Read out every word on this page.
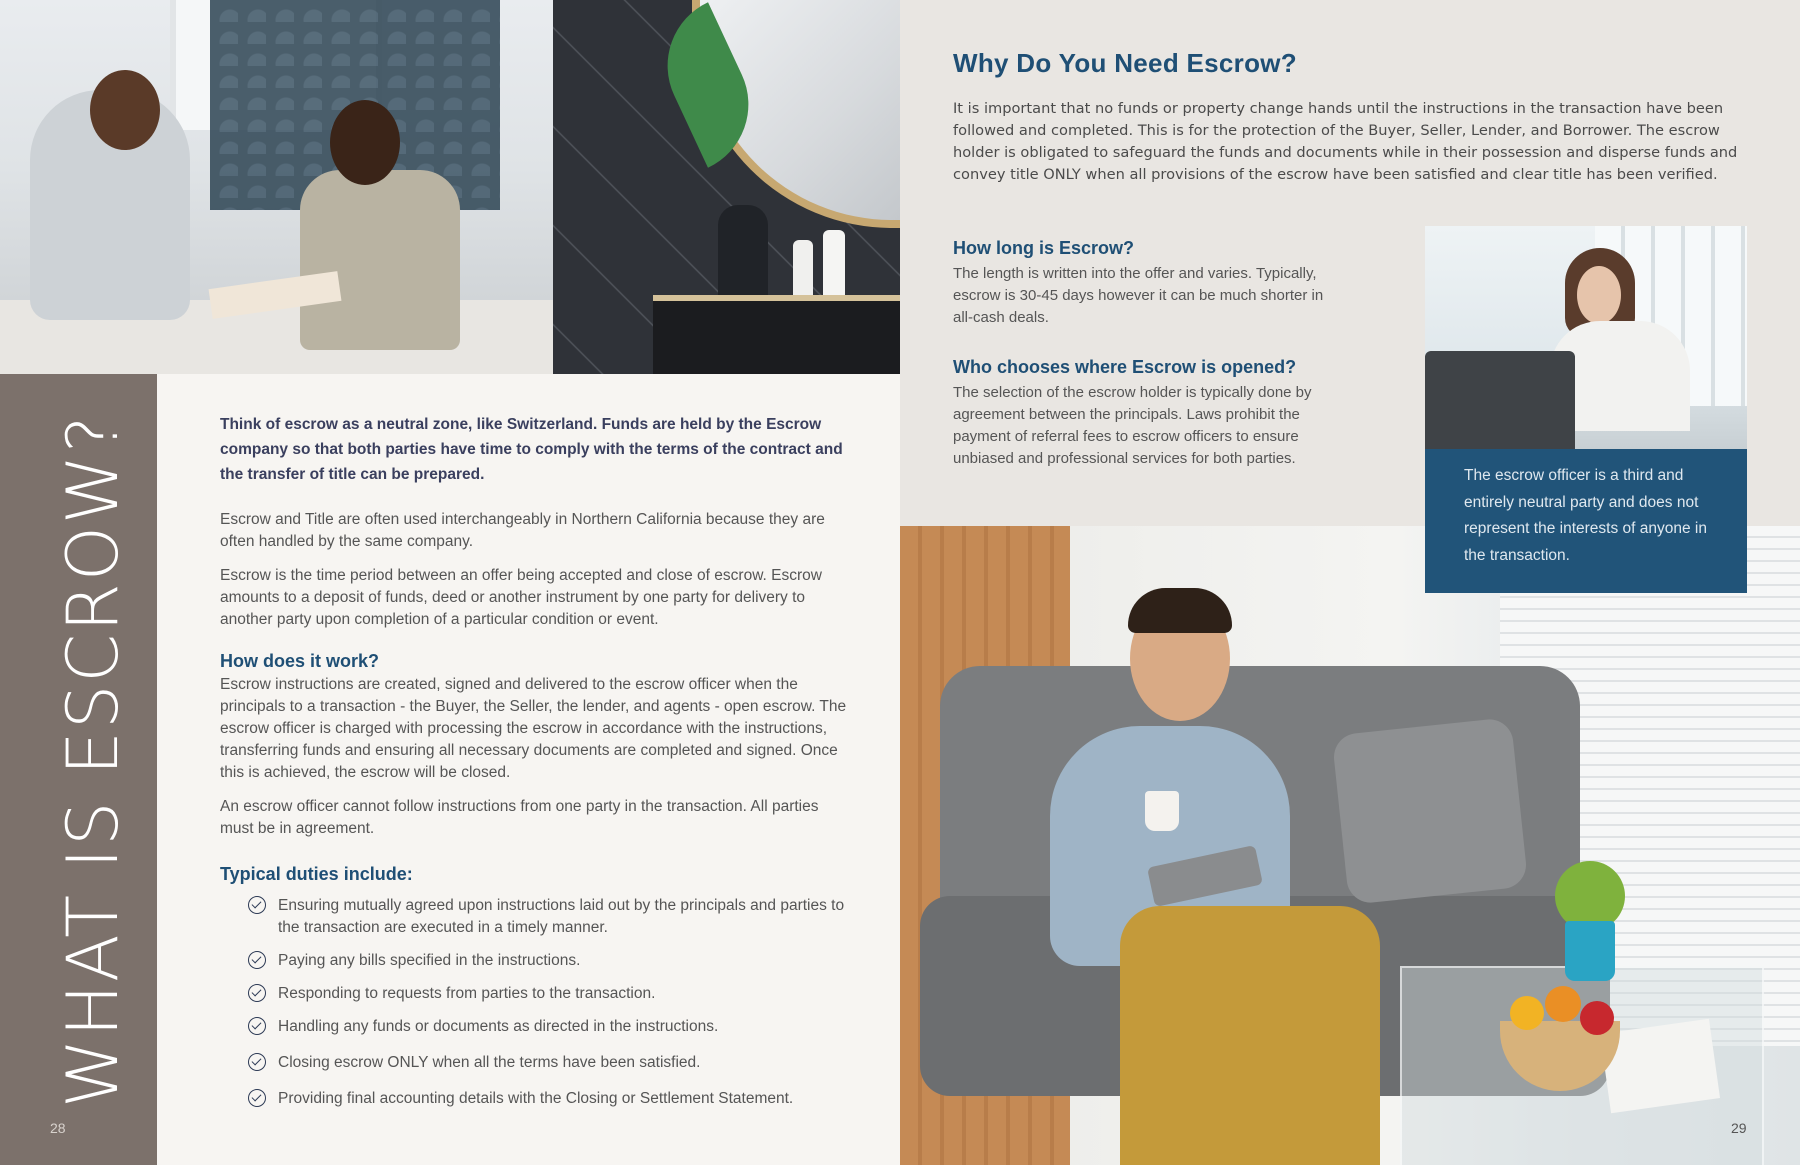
WHAT IS ESCROW?
28

Think of escrow as a neutral zone, like Switzerland. Funds are held by the Escrow company so that both parties have time to comply with the terms of the contract and the transfer of title can be prepared.

Escrow and Title are often used interchangeably in Northern California because they are often handled by the same company.

Escrow is the time period between an offer being accepted and close of escrow. Escrow amounts to a deposit of funds, deed or another instrument by one party for delivery to another party upon completion of a particular condition or event.

How does it work?

Escrow instructions are created, signed and delivered to the escrow officer when the principals to a transaction - the Buyer, the Seller, the lender, and agents - open escrow. The escrow officer is charged with processing the escrow in accordance with the instructions, transferring funds and ensuring all necessary documents are completed and signed. Once this is achieved, the escrow will be closed.

An escrow officer cannot follow instructions from one party in the transaction. All parties must be in agreement.

Typical duties include:
Ensuring mutually agreed upon instructions laid out by the principals and parties to the transaction are executed in a timely manner.
Paying any bills specified in the instructions.
Responding to requests from parties to the transaction.
Handling any funds or documents as directed in the instructions.
Closing escrow ONLY when all the terms have been satisfied.
Providing final accounting details with the Closing or Settlement Statement.
Why Do You Need Escrow?
It is important that no funds or property change hands until the instructions in the transaction have been followed and completed. This is for the protection of the Buyer, Seller, Lender, and Borrower. The escrow holder is obligated to safeguard the funds and documents while in their possession and disperse funds and convey title ONLY when all provisions of the escrow have been satisfied and clear title has been verified.
How long is Escrow?

The length is written into the offer and varies. Typically, escrow is 30-45 days however it can be much shorter in all-cash deals.

Who chooses where Escrow is opened?

The selection of the escrow holder is typically done by agreement between the principals. Laws prohibit the payment of referral fees to escrow officers to ensure unbiased and professional services for both parties.

The escrow officer is a third and entirely neutral party and does not represent the interests of anyone in the transaction.

29
